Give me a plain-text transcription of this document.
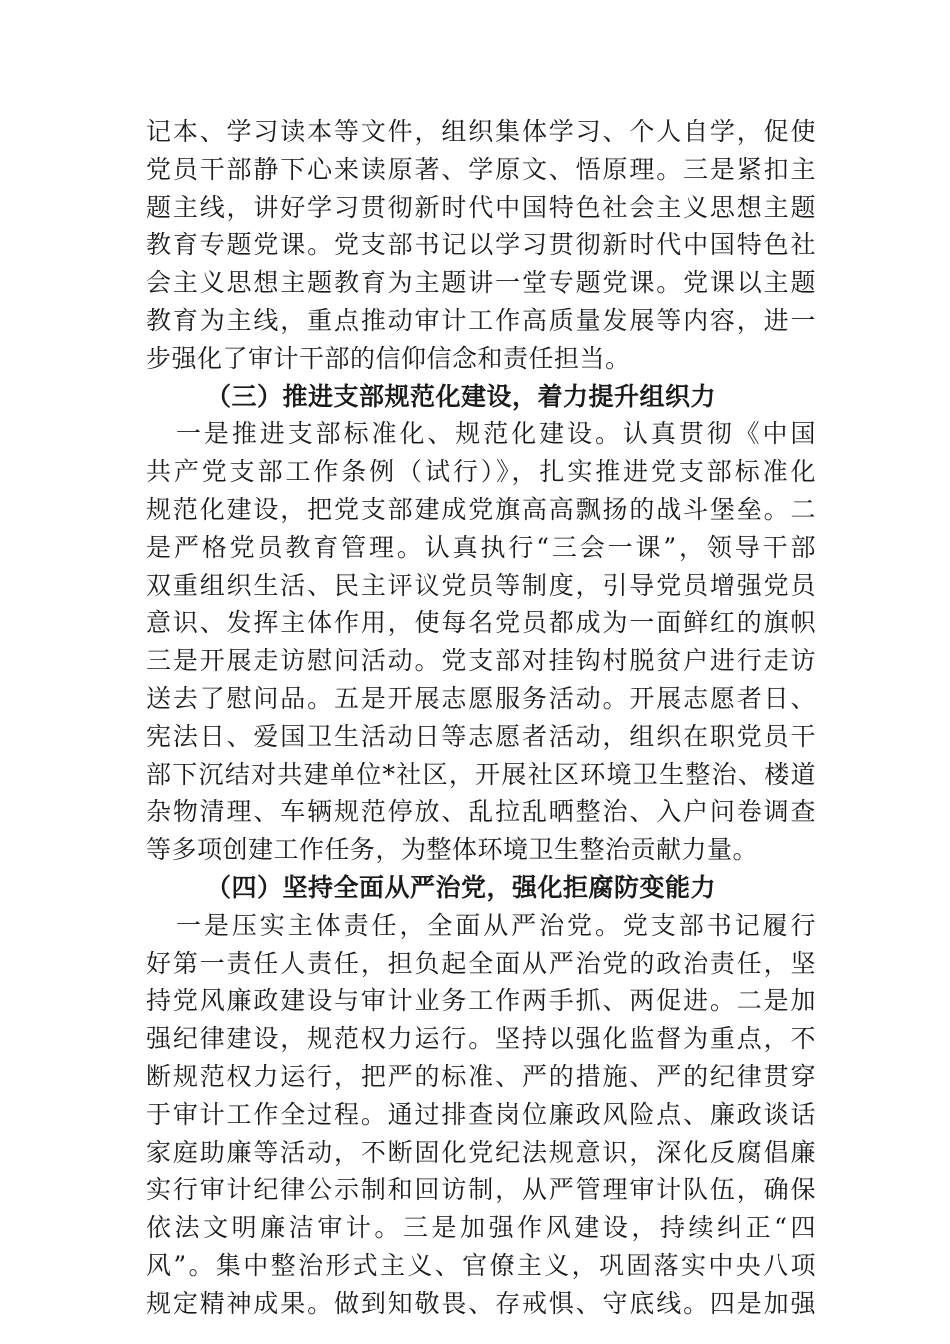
记本、学习读本等文件，组织集体学习、个人自学，促使
党员干部静下心来读原著、学原文、悟原理。三是紧扣主
题主线，讲好学习贯彻新时代中国特色社会主义思想主题
教育专题党课。党支部书记以学习贯彻新时代中国特色社
会主义思想主题教育为主题讲一堂专题党课。党课以主题
教育为主线，重点推动审计工作高质量发展等内容，进一
步强化了审计干部的信仰信念和责任担当。
（三）推进支部规范化建设，着力提升组织力
一是推进支部标准化、规范化建设。认真贯彻《中国
共产党支部工作条例（试行）》，扎实推进党支部标准化
规范化建设，把党支部建成党旗高高飘扬的战斗堡垒。二
是严格党员教育管理。认真执行“三会一课”，领导干部
双重组织生活、民主评议党员等制度，引导党员增强党员
意识、发挥主体作用，使每名党员都成为一面鲜红的旗帜
三是开展走访慰问活动。党支部对挂钩村脱贫户进行走访
送去了慰问品。五是开展志愿服务活动。开展志愿者日、
宪法日、爱国卫生活动日等志愿者活动，组织在职党员干
部下沉结对共建单位*社区，开展社区环境卫生整治、楼道
杂物清理、车辆规范停放、乱拉乱晒整治、入户问卷调查
等多项创建工作任务，为整体环境卫生整治贡献力量。
（四）坚持全面从严治党，强化拒腐防变能力
一是压实主体责任，全面从严治党。党支部书记履行
好第一责任人责任，担负起全面从严治党的政治责任，坚
持党风廉政建设与审计业务工作两手抓、两促进。二是加
强纪律建设，规范权力运行。坚持以强化监督为重点，不
断规范权力运行，把严的标准、严的措施、严的纪律贯穿
于审计工作全过程。通过排查岗位廉政风险点、廉政谈话
家庭助廉等活动，不断固化党纪法规意识，深化反腐倡廉
实行审计纪律公示制和回访制，从严管理审计队伍，确保
依法文明廉洁审计。三是加强作风建设，持续纠正“四
风”。集中整治形式主义、官僚主义，巩固落实中央八项
规定精神成果。做到知敬畏、存戒惧、守底线。四是加强
